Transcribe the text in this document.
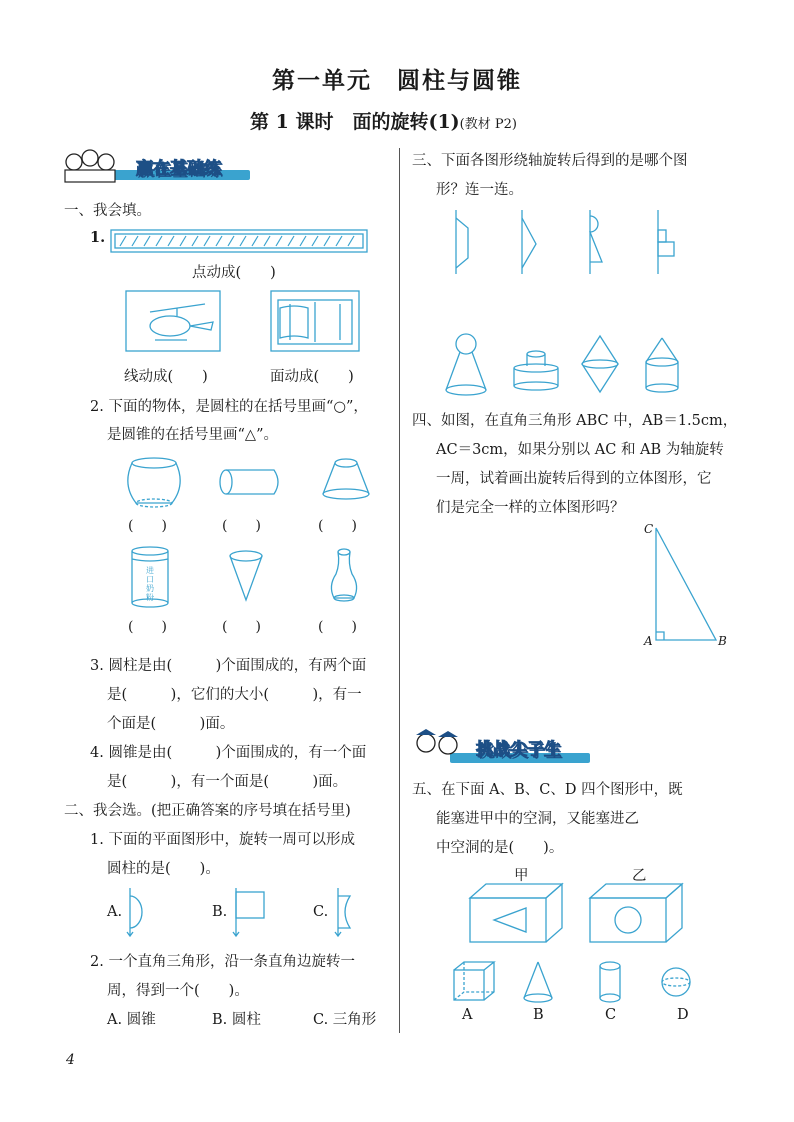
第一单元　圆柱与圆锥
第 1 课时　面的旋转(1)(教材 P2)
赢在基础练
一、我会填。
1.
点动成(　　)
线动成(　　)	面动成(　　)
2. 下面的物体，是圆柱的在括号里画“○”，
是圆锥的在括号里画“△”。
(　　)	(　　)	(　　)
进口奶粉
(　　)	(　　)	(　　)
3. 圆柱是由(　　　)个面围成的，有两个面
是(　　　)，它们的大小(　　　)，有一
个面是(　　　)面。
4. 圆锥是由(　　　)个面围成的，有一个面
是(　　　)，有一个面是(　　　)面。
二、我会选。(把正确答案的序号填在括号里)
1. 下面的平面图形中，旋转一周可以形成
圆柱的是(　　)。
A.	B.	C.
2. 一个直角三角形，沿一条直角边旋转一
周，得到一个(　　)。
A. 圆锥	B. 圆柱	C. 三角形
三、下面各图形绕轴旋转后得到的是哪个图
形？连一连。
四、如图，在直角三角形 ABC 中，AB＝1.5cm，
AC＝3cm，如果分别以 AC 和 AB 为轴旋转
一周，试着画出旋转后得到的立体图形，它
们是完全一样的立体图形吗？
C
A	B
挑战尖子生
五、在下面 A、B、C、D 四个图形中，既
能塞进甲中的空洞，又能塞进乙
中空洞的是(　　)。
甲	乙
A	B	C	D
4
